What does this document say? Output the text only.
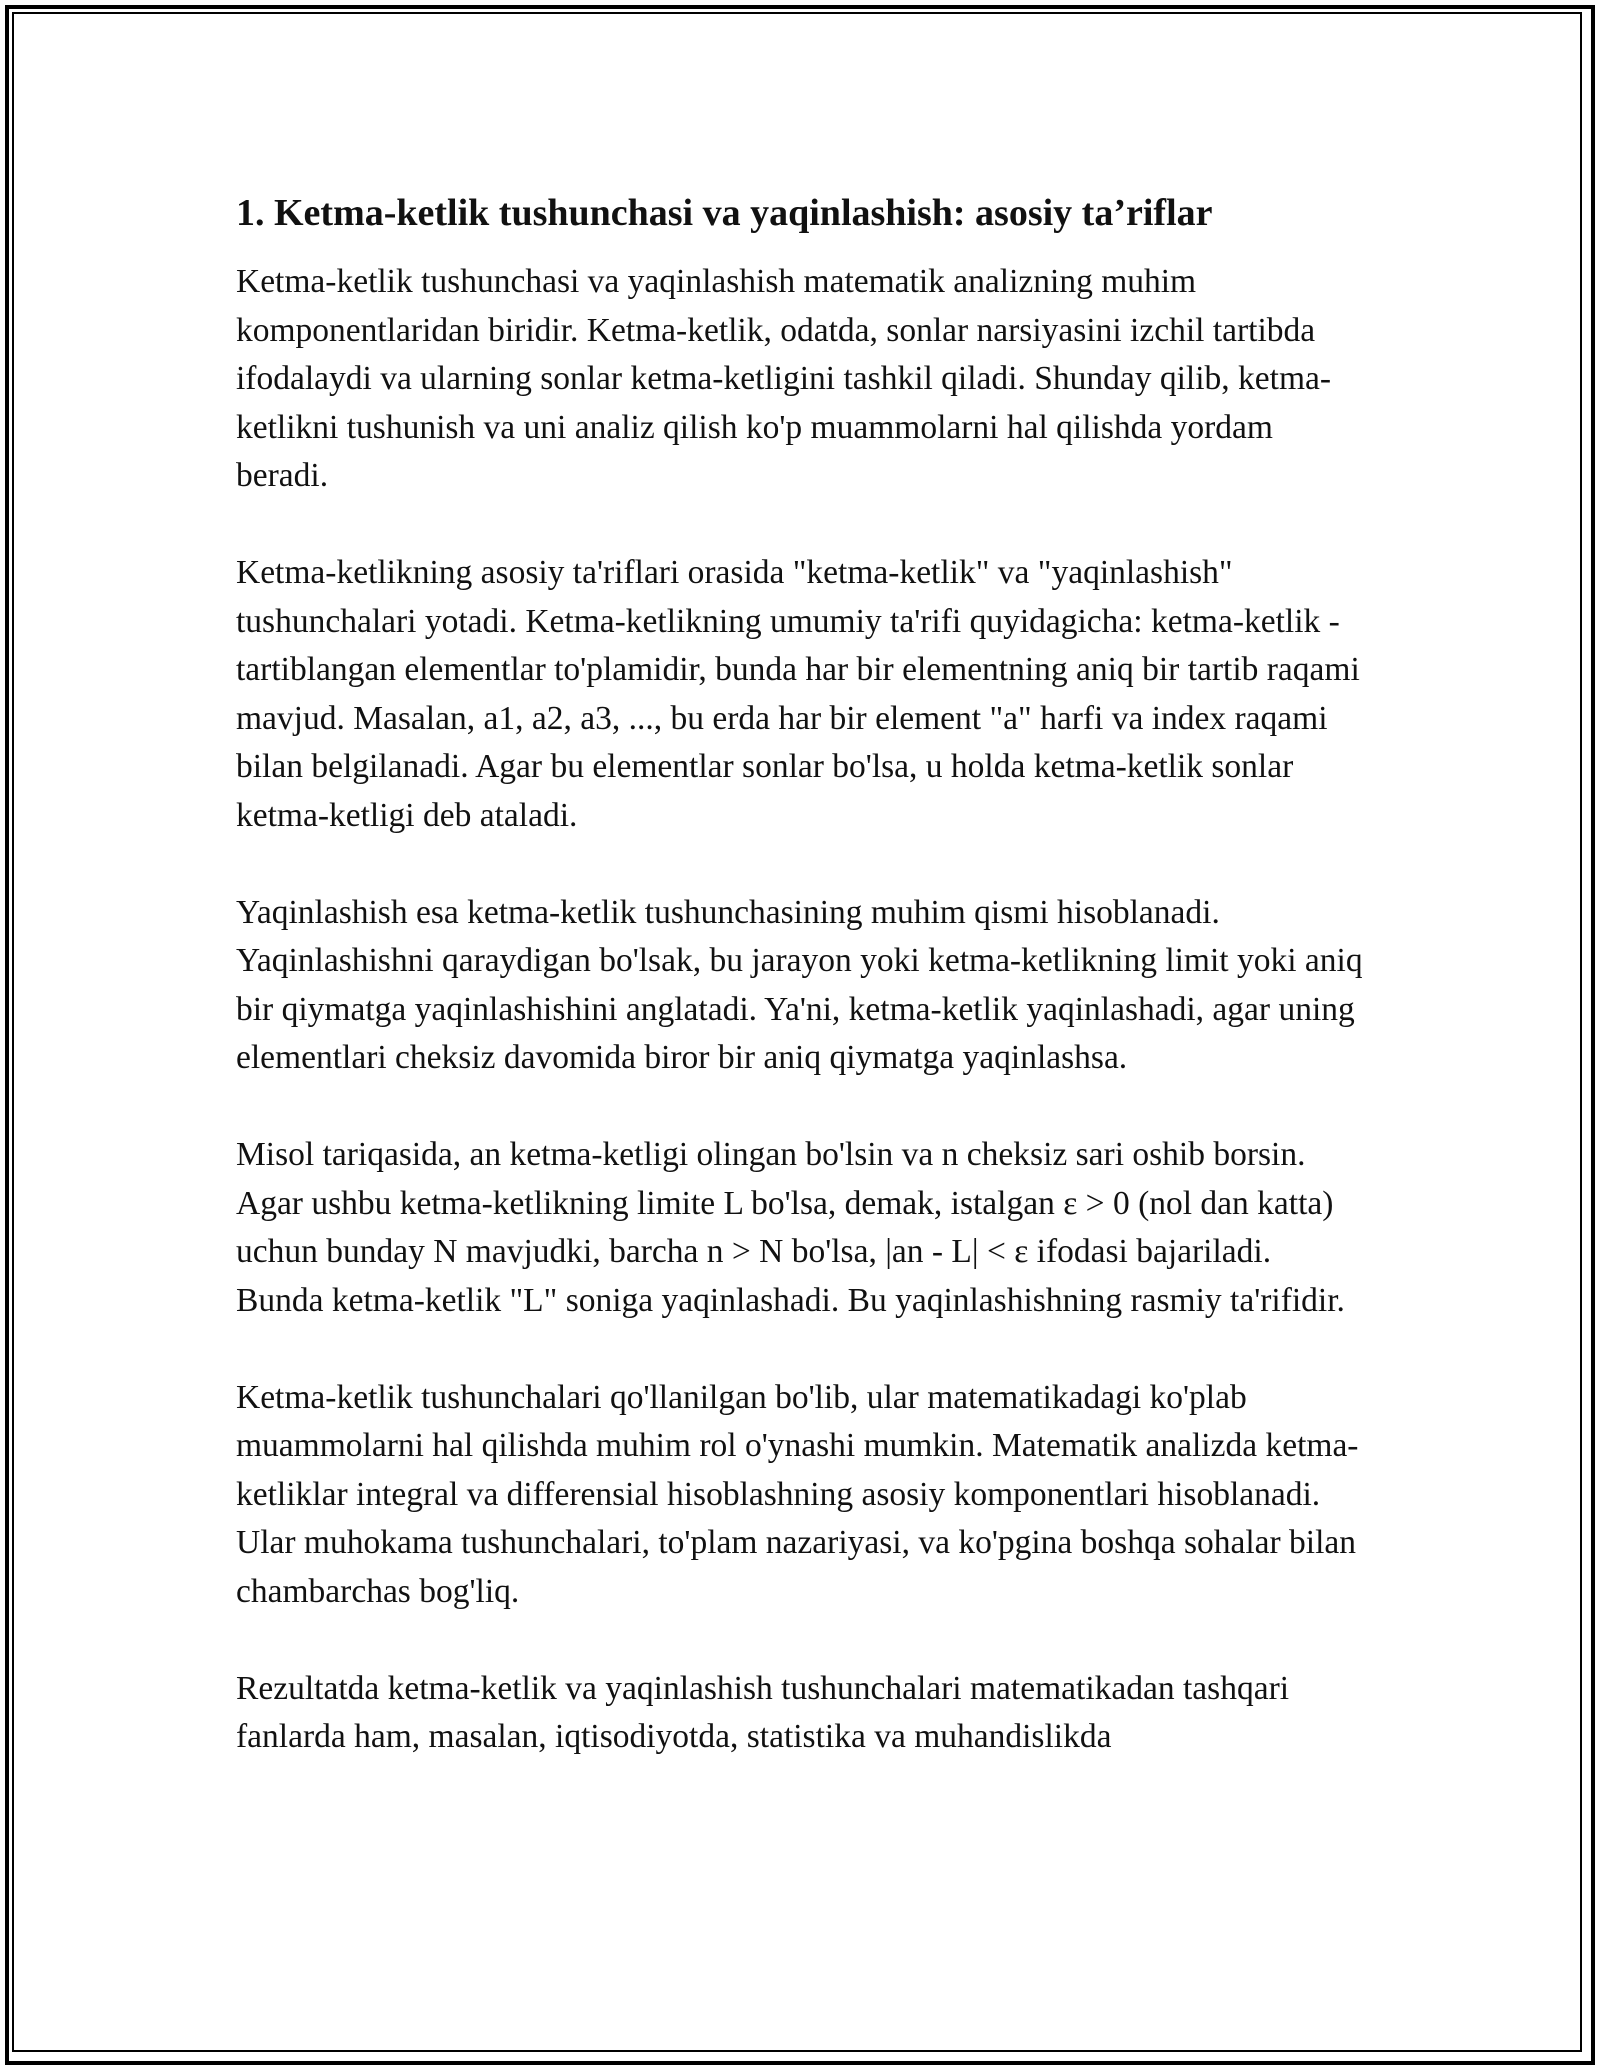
1. Ketma-ketlik tushunchasi va yaqinlashish: asosiy ta’riflar

Ketma-ketlik tushunchasi va yaqinlashish matematik analizning muhim komponentlaridan biridir. Ketma-ketlik, odatda, sonlar narsiyasini izchil tartibda ifodalaydi va ularning sonlar ketma-ketligini tashkil qiladi. Shunday qilib, ketma-ketlikni tushunish va uni analiz qilish ko'p muammolarni hal qilishda yordam beradi.

Ketma-ketlikning asosiy ta'riflari orasida "ketma-ketlik" va "yaqinlashish" tushunchalari yotadi. Ketma-ketlikning umumiy ta'rifi quyidagicha: ketma-ketlik - tartiblangan elementlar to'plamidir, bunda har bir elementning aniq bir tartib raqami mavjud. Masalan, a1, a2, a3, ..., bu erda har bir element "a" harfi va index raqami bilan belgilanadi. Agar bu elementlar sonlar bo'lsa, u holda ketma-ketlik sonlar ketma-ketligi deb ataladi.

Yaqinlashish esa ketma-ketlik tushunchasining muhim qismi hisoblanadi. Yaqinlashishni qaraydigan bo'lsak, bu jarayon yoki ketma-ketlikning limit yoki aniq bir qiymatga yaqinlashishini anglatadi. Ya'ni, ketma-ketlik yaqinlashadi, agar uning elementlari cheksiz davomida biror bir aniq qiymatga yaqinlashsa.

Misol tariqasida, an ketma-ketligi olingan bo'lsin va n cheksiz sari oshib borsin. Agar ushbu ketma-ketlikning limite L bo'lsa, demak, istalgan ε > 0 (nol dan katta) uchun bunday N mavjudki, barcha n > N bo'lsa, |an - L| < ε ifodasi bajariladi. Bunda ketma-ketlik "L" soniga yaqinlashadi. Bu yaqinlashishning rasmiy ta'rifidir.

Ketma-ketlik tushunchalari qo'llanilgan bo'lib, ular matematikadagi ko'plab muammolarni hal qilishda muhim rol o'ynashi mumkin. Matematik analizda ketma-ketliklar integral va differensial hisoblashning asosiy komponentlari hisoblanadi. Ular muhokama tushunchalari, to'plam nazariyasi, va ko'pgina boshqa sohalar bilan chambarchas bog'liq.

Rezultatda ketma-ketlik va yaqinlashish tushunchalari matematikadan tashqari fanlarda ham, masalan, iqtisodiyotda, statistika va muhandislikda
